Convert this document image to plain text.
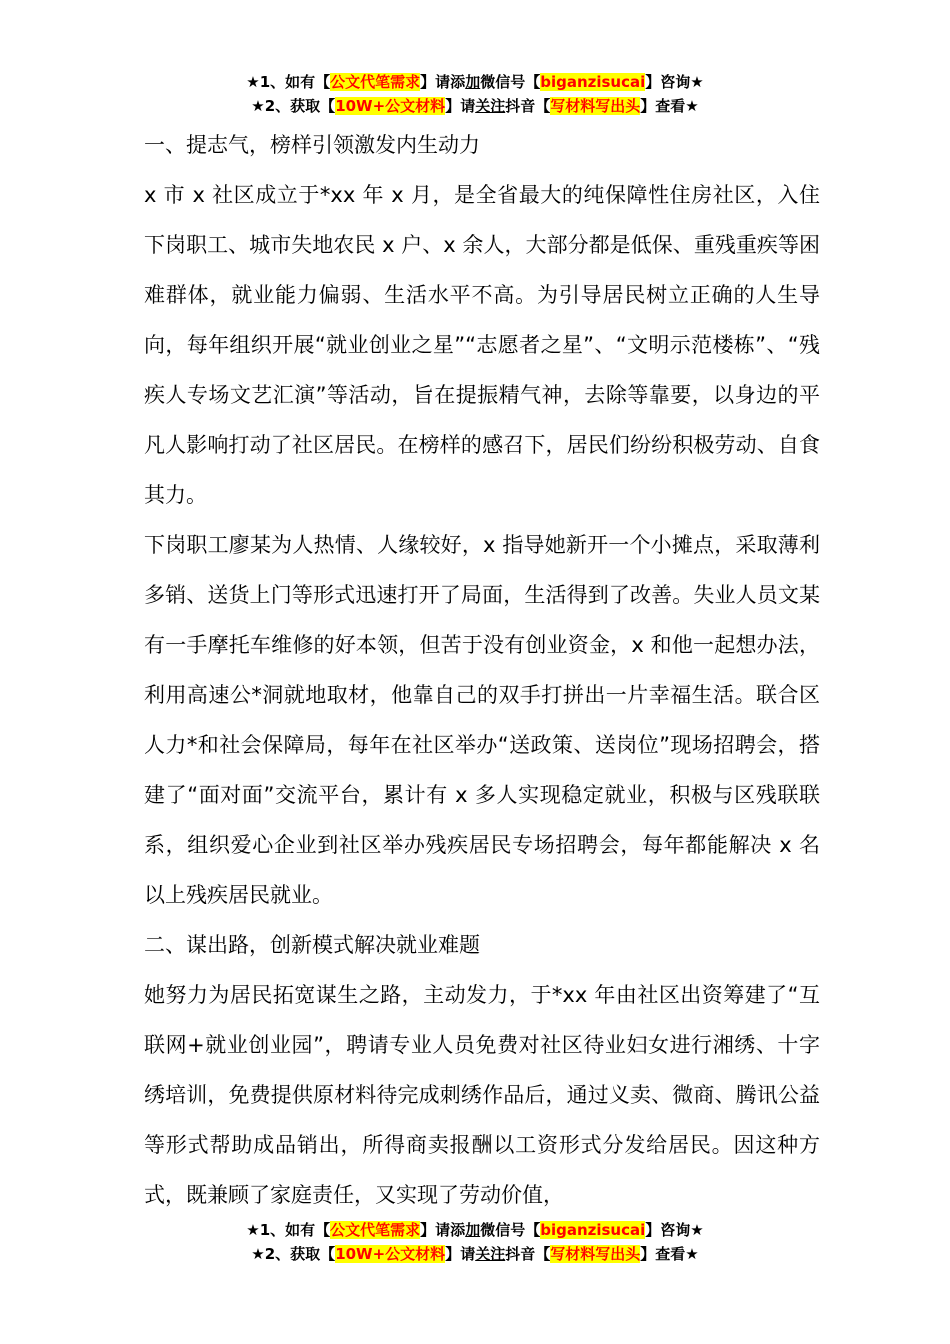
★1、如有【公文代笔需求】请添加微信号【biganzisucai】咨询★
★2、获取【10W+公文材料】请关注抖音【写材料写出头】查看★

一、提志气，榜样引领激发内生动力

x 市 x 社区成立于*xx 年 x 月，是全省最大的纯保障性住房社区，入住下岗职工、城市失地农民 x 户、x 余人，大部分都是低保、重残重疾等困难群体，就业能力偏弱、生活水平不高。为引导居民树立正确的人生导向，每年组织开展“就业创业之星”“志愿者之星”、“文明示范楼栋”、“残疾人专场文艺汇演”等活动，旨在提振精气神，去除等靠要，以身边的平凡人影响打动了社区居民。在榜样的感召下，居民们纷纷积极劳动、自食其力。

下岗职工廖某为人热情、人缘较好，x 指导她新开一个小摊点，采取薄利多销、送货上门等形式迅速打开了局面，生活得到了改善。失业人员文某有一手摩托车维修的好本领，但苦于没有创业资金，x 和他一起想办法，利用高速公*洞就地取材，他靠自己的双手打拼出一片幸福生活。联合区人力*和社会保障局，每年在社区举办“送政策、送岗位”现场招聘会，搭建了“面对面”交流平台，累计有 x 多人实现稳定就业，积极与区残联联系，组织爱心企业到社区举办残疾居民专场招聘会，每年都能解决 x 名以上残疾居民就业。

二、谋出路，创新模式解决就业难题

她努力为居民拓宽谋生之路，主动发力，于*xx 年由社区出资筹建了“互联网+就业创业园”，聘请专业人员免费对社区待业妇女进行湘绣、十字绣培训，免费提供原材料待完成刺绣作品后，通过义卖、微商、腾讯公益等形式帮助成品销出，所得商卖报酬以工资形式分发给居民。因这种方式，既兼顾了家庭责任，又实现了劳动价值，

★1、如有【公文代笔需求】请添加微信号【biganzisucai】咨询★
★2、获取【10W+公文材料】请关注抖音【写材料写出头】查看★
